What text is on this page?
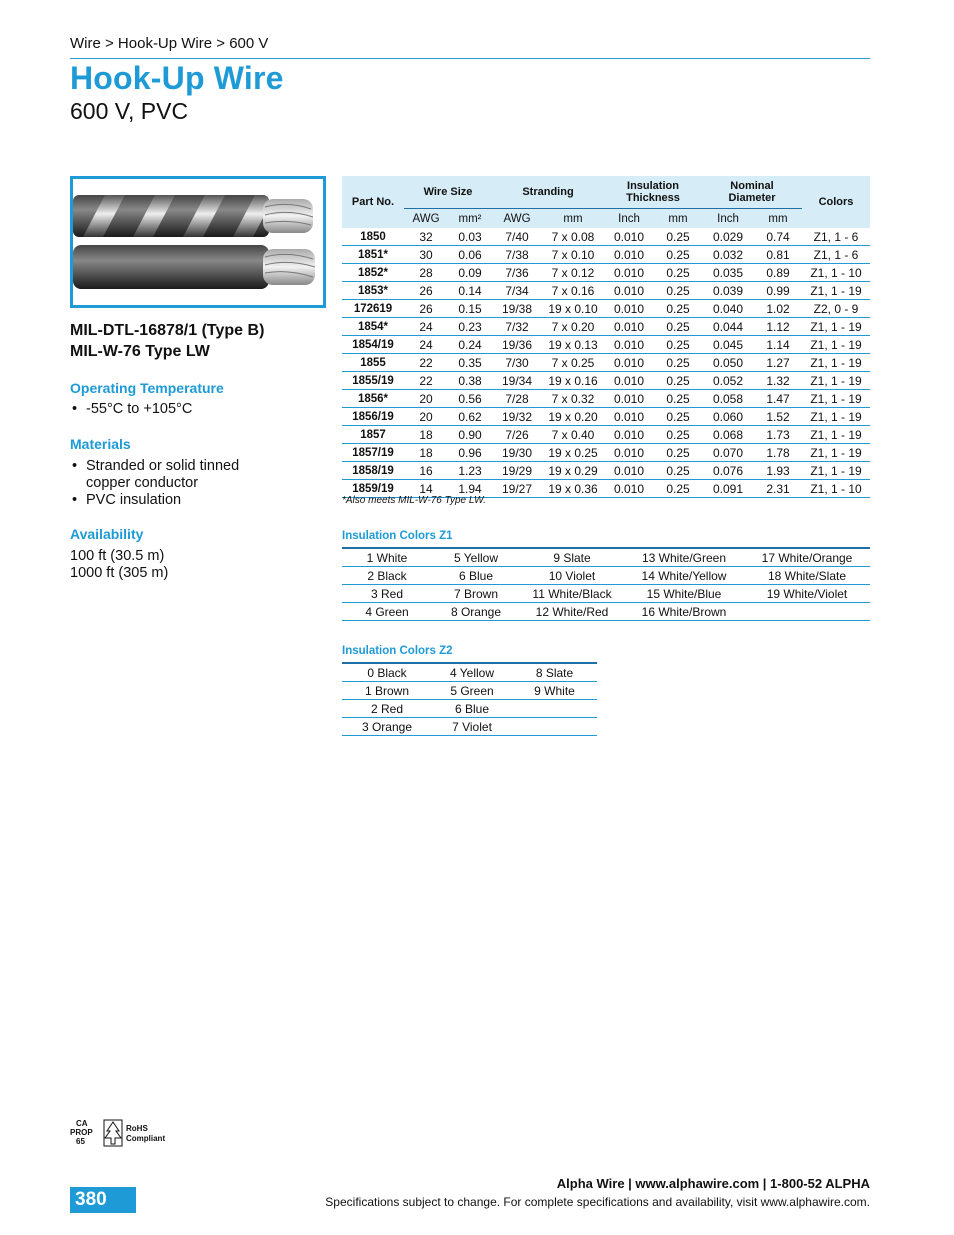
Wire > Hook-Up Wire > 600 V
Hook-Up Wire
600 V, PVC
MIL-DTL-16878/1 (Type B)
MIL-W-76 Type LW
Operating Temperature
• -55°C to +105°C
Materials
• Stranded or solid tinned copper conductor
• PVC insulation
Availability
100 ft (30.5 m)
1000 ft (305 m)
Part No.	Wire Size		Stranding		Insulation Thickness		Nominal Diameter		Colors
	AWG	mm²	AWG	mm	Inch	mm	Inch	mm	
1850	32	0.03	7/40	7 x 0.08	0.010	0.25	0.029	0.74	Z1, 1 - 6
1851*	30	0.06	7/38	7 x 0.10	0.010	0.25	0.032	0.81	Z1, 1 - 6
1852*	28	0.09	7/36	7 x 0.12	0.010	0.25	0.035	0.89	Z1, 1 - 10
1853*	26	0.14	7/34	7 x 0.16	0.010	0.25	0.039	0.99	Z1, 1 - 19
172619	26	0.15	19/38	19 x 0.10	0.010	0.25	0.040	1.02	Z2, 0 - 9
1854*	24	0.23	7/32	7 x 0.20	0.010	0.25	0.044	1.12	Z1, 1 - 19
1854/19	24	0.24	19/36	19 x 0.13	0.010	0.25	0.045	1.14	Z1, 1 - 19
1855	22	0.35	7/30	7 x 0.25	0.010	0.25	0.050	1.27	Z1, 1 - 19
1855/19	22	0.38	19/34	19 x 0.16	0.010	0.25	0.052	1.32	Z1, 1 - 19
1856*	20	0.56	7/28	7 x 0.32	0.010	0.25	0.058	1.47	Z1, 1 - 19
1856/19	20	0.62	19/32	19 x 0.20	0.010	0.25	0.060	1.52	Z1, 1 - 19
1857	18	0.90	7/26	7 x 0.40	0.010	0.25	0.068	1.73	Z1, 1 - 19
1857/19	18	0.96	19/30	19 x 0.25	0.010	0.25	0.070	1.78	Z1, 1 - 19
1858/19	16	1.23	19/29	19 x 0.29	0.010	0.25	0.076	1.93	Z1, 1 - 19
1859/19	14	1.94	19/27	19 x 0.36	0.010	0.25	0.091	2.31	Z1, 1 - 10
*Also meets MIL-W-76 Type LW.
Insulation Colors Z1
1 White	5 Yellow	9 Slate	13 White/Green	17 White/Orange
2 Black	6 Blue	10 Violet	14 White/Yellow	18 White/Slate
3 Red	7 Brown	11 White/Black	15 White/Blue	19 White/Violet
4 Green	8 Orange	12 White/Red	16 White/Brown	
Insulation Colors Z2
0 Black	4 Yellow	8 Slate
1 Brown	5 Green	9 White
2 Red	6 Blue	
3 Orange	7 Violet	
CA
PROP
65
RoHS
Compliant
Alpha Wire | www.alphawire.com | 1-800-52 ALPHA
Specifications subject to change. For complete specifications and availability, visit www.alphawire.com.
380
